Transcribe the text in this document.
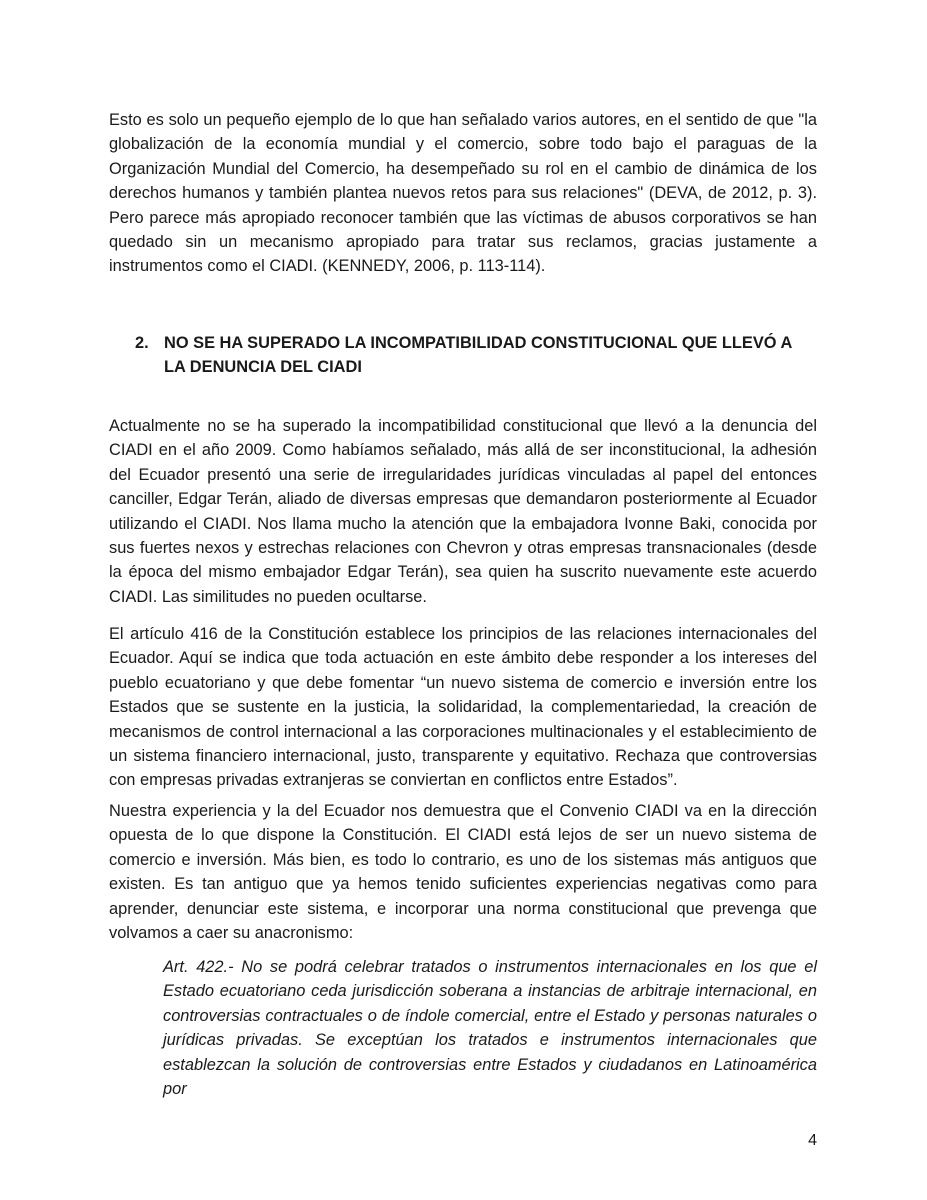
Esto es solo un pequeño ejemplo de lo que han señalado varios autores, en el sentido de que "la globalización de la economía mundial y el comercio, sobre todo bajo el paraguas de la Organización Mundial del Comercio, ha desempeñado su rol en el cambio de dinámica de los derechos humanos y también plantea nuevos retos para sus relaciones" (DEVA, de 2012, p. 3). Pero parece más apropiado reconocer también que las víctimas de abusos corporativos se han quedado sin un mecanismo apropiado para tratar sus reclamos, gracias justamente a instrumentos como el CIADI. (KENNEDY, 2006, p. 113-114).

2. NO SE HA SUPERADO LA INCOMPATIBILIDAD CONSTITUCIONAL QUE LLEVÓ A LA DENUNCIA DEL CIADI

Actualmente no se ha superado la incompatibilidad constitucional que llevó a la denuncia del CIADI en el año 2009. Como habíamos señalado, más allá de ser inconstitucional, la adhesión del Ecuador presentó una serie de irregularidades jurídicas vinculadas al papel del entonces canciller, Edgar Terán, aliado de diversas empresas que demandaron posteriormente al Ecuador utilizando el CIADI. Nos llama mucho la atención que la embajadora Ivonne Baki, conocida por sus fuertes nexos y estrechas relaciones con Chevron y otras empresas transnacionales (desde la época del mismo embajador Edgar Terán), sea quien ha suscrito nuevamente este acuerdo CIADI. Las similitudes no pueden ocultarse.

El artículo 416 de la Constitución establece los principios de las relaciones internacionales del Ecuador. Aquí se indica que toda actuación en este ámbito debe responder a los intereses del pueblo ecuatoriano y que debe fomentar “un nuevo sistema de comercio e inversión entre los Estados que se sustente en la justicia, la solidaridad, la complementariedad, la creación de mecanismos de control internacional a las corporaciones multinacionales y el establecimiento de un sistema financiero internacional, justo, transparente y equitativo. Rechaza que controversias con empresas privadas extranjeras se conviertan en conflictos entre Estados”.

Nuestra experiencia y la del Ecuador nos demuestra que el Convenio CIADI va en la dirección opuesta de lo que dispone la Constitución. El CIADI está lejos de ser un nuevo sistema de comercio e inversión. Más bien, es todo lo contrario, es uno de los sistemas más antiguos que existen. Es tan antiguo que ya hemos tenido suficientes experiencias negativas como para aprender, denunciar este sistema, e incorporar una norma constitucional que prevenga que volvamos a caer su anacronismo:

Art. 422.- No se podrá celebrar tratados o instrumentos internacionales en los que el Estado ecuatoriano ceda jurisdicción soberana a instancias de arbitraje internacional, en controversias contractuales o de índole comercial, entre el Estado y personas naturales o jurídicas privadas. Se exceptúan los tratados e instrumentos internacionales que establezcan la solución de controversias entre Estados y ciudadanos en Latinoamérica por

4
